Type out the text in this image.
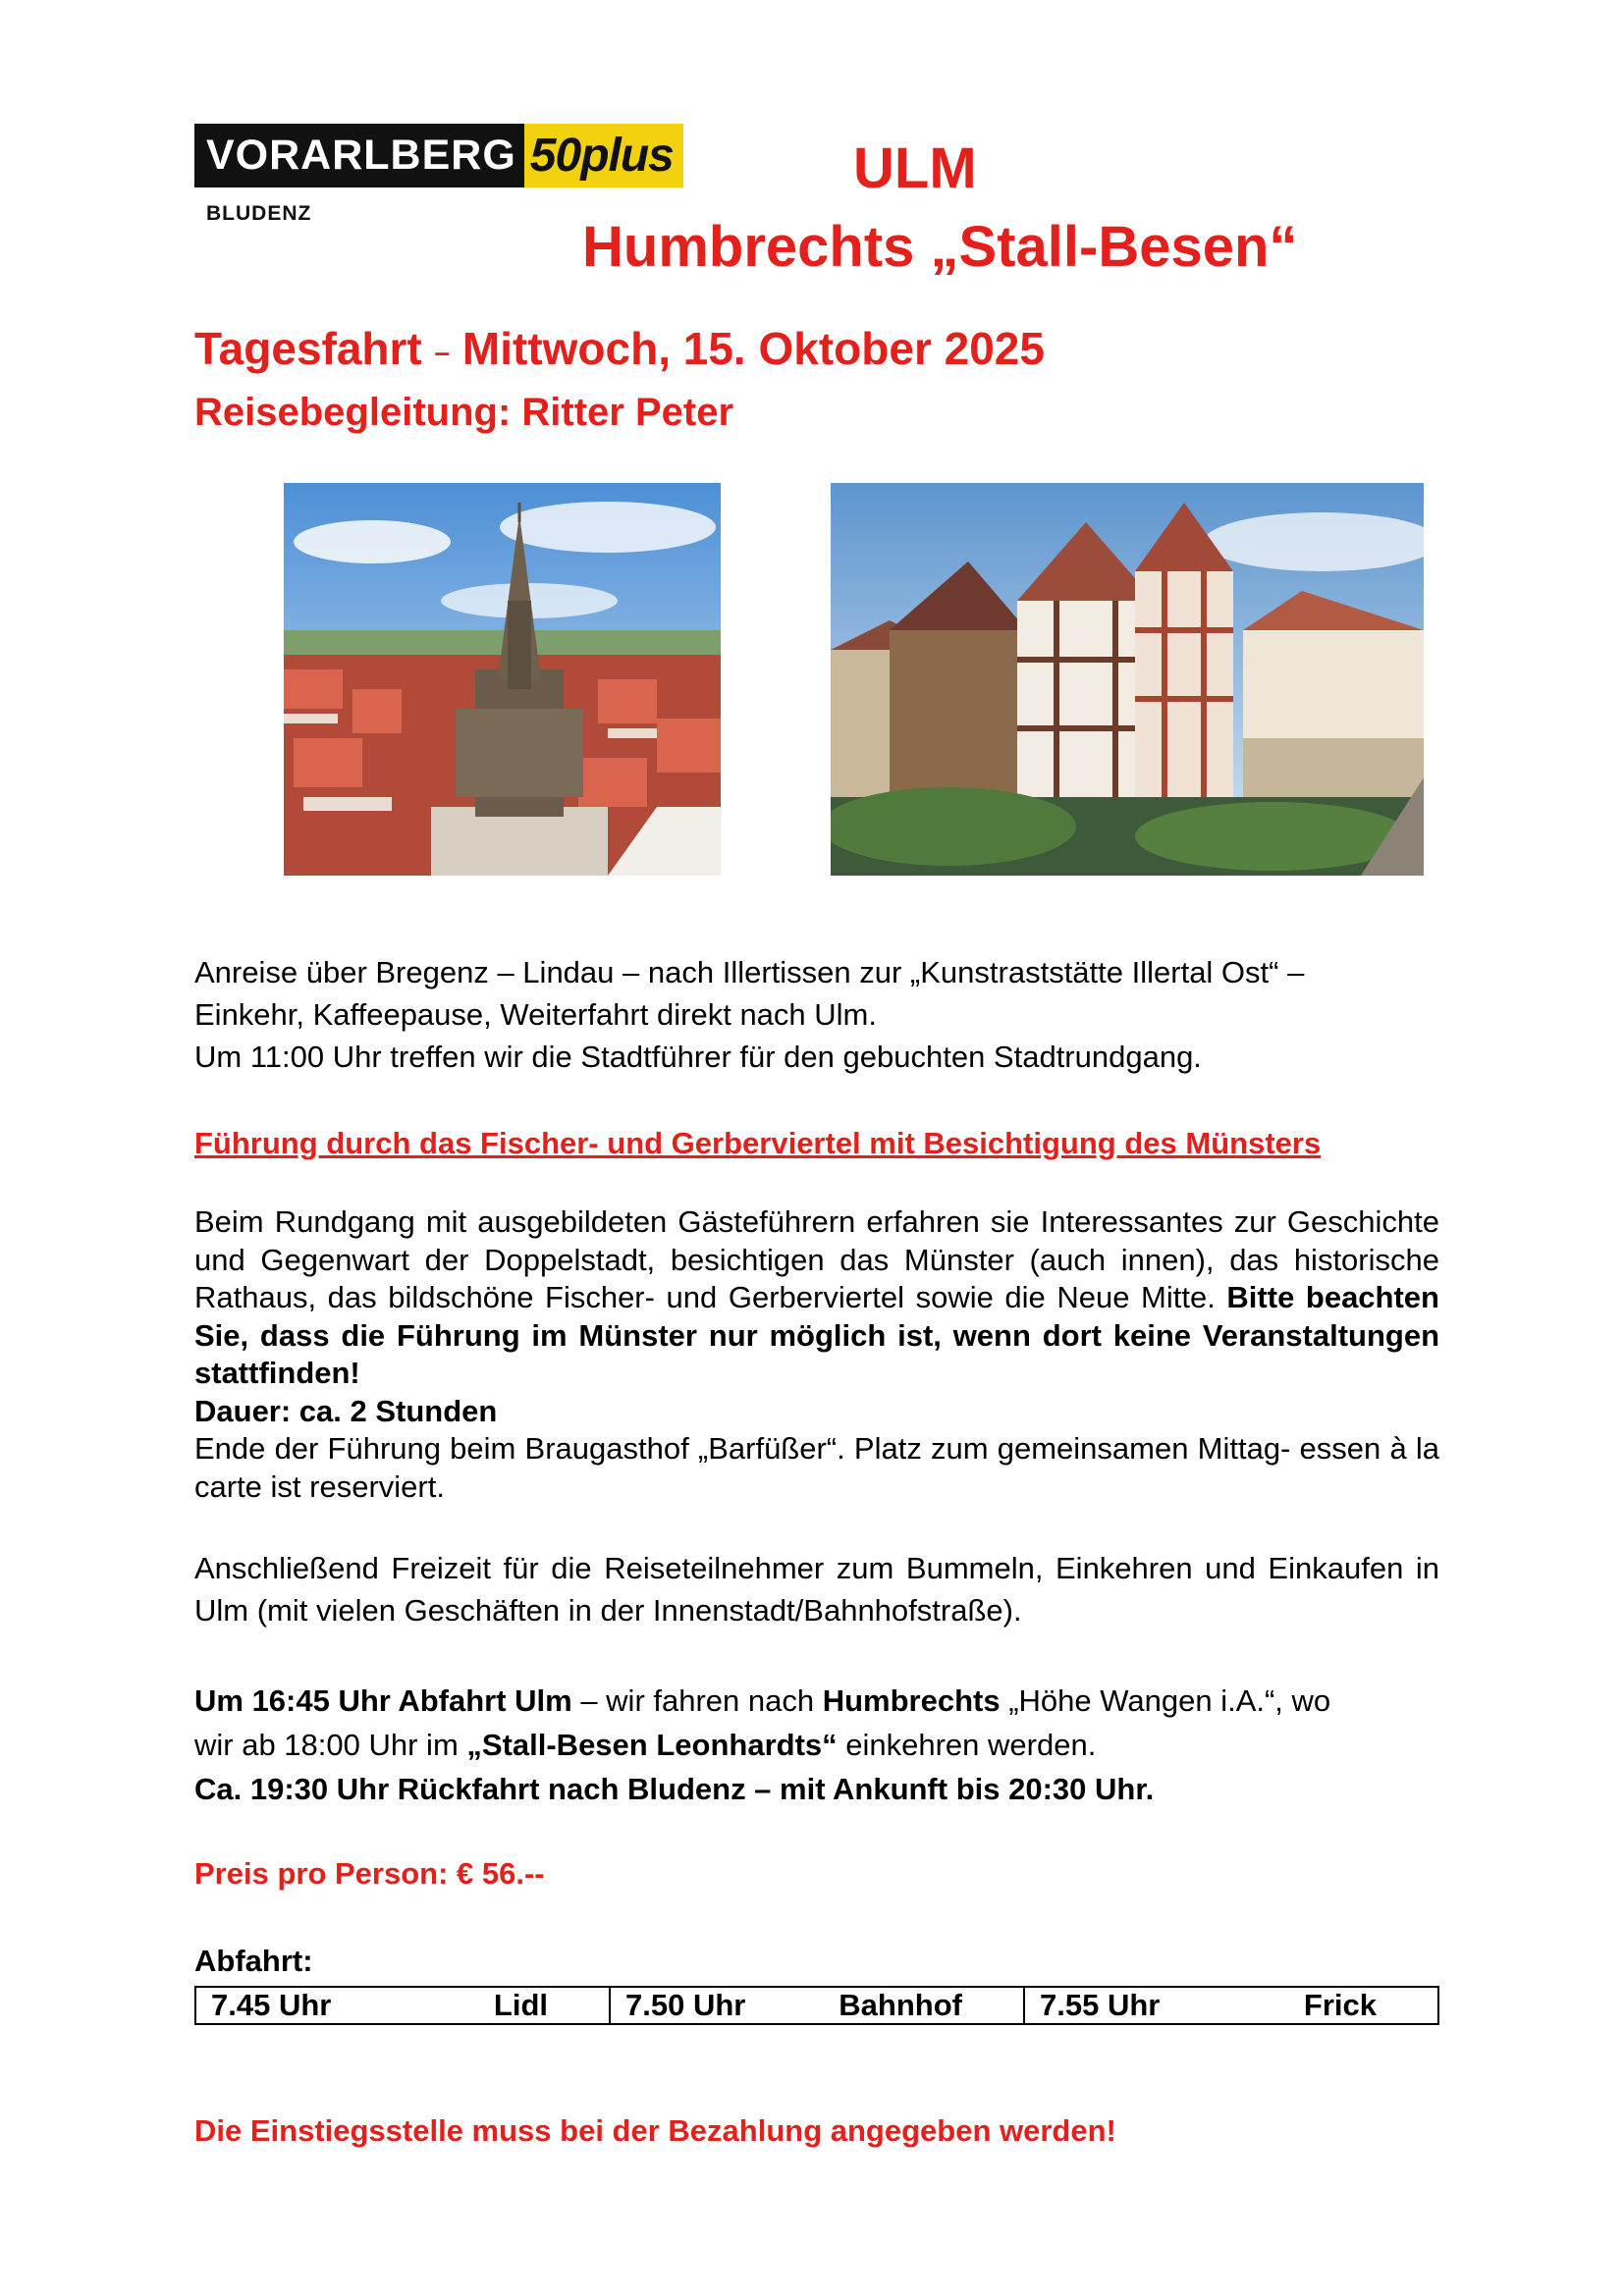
VORARLBERG 50plus
BLUDENZ
ULM
Humbrechts „Stall-Besen“
Tagesfahrt – Mittwoch, 15. Oktober 2025
Reisebegleitung: Ritter Peter
Anreise über Bregenz – Lindau – nach Illertissen zur „Kunstraststätte Illertal Ost“ –
Einkehr, Kaffeepause, Weiterfahrt direkt nach Ulm.
Um 11:00 Uhr treffen wir die Stadtführer für den gebuchten Stadtrundgang.
Führung durch das Fischer- und Gerberviertel mit Besichtigung des Münsters
Beim Rundgang mit ausgebildeten Gästeführern erfahren sie Interessantes zur Geschichte und Gegenwart der Doppelstadt, besichtigen das Münster (auch innen), das historische Rathaus, das bildschöne Fischer- und Gerberviertel sowie die Neue Mitte. Bitte beachten Sie, dass die Führung im Münster nur möglich ist, wenn dort keine Veranstaltungen stattfinden!
Dauer: ca. 2 Stunden
Ende der Führung beim Braugasthof „Barfüßer“. Platz zum gemeinsamen Mittag- essen à la carte ist reserviert.
Anschließend Freizeit für die Reiseteilnehmer zum Bummeln, Einkehren und Einkaufen in Ulm (mit vielen Geschäften in der Innenstadt/Bahnhofstraße).
Um 16:45 Uhr Abfahrt Ulm – wir fahren nach Humbrechts „Höhe Wangen i.A.“, wo
wir ab 18:00 Uhr im „Stall-Besen Leonhardts“ einkehren werden.
Ca. 19:30 Uhr Rückfahrt nach Bludenz – mit Ankunft bis 20:30 Uhr.
Preis pro Person: € 56.--
Abfahrt:
7.45 Uhr	Lidl	7.50 Uhr	Bahnhof	7.55 Uhr	Frick
Die Einstiegsstelle muss bei der Bezahlung angegeben werden!
